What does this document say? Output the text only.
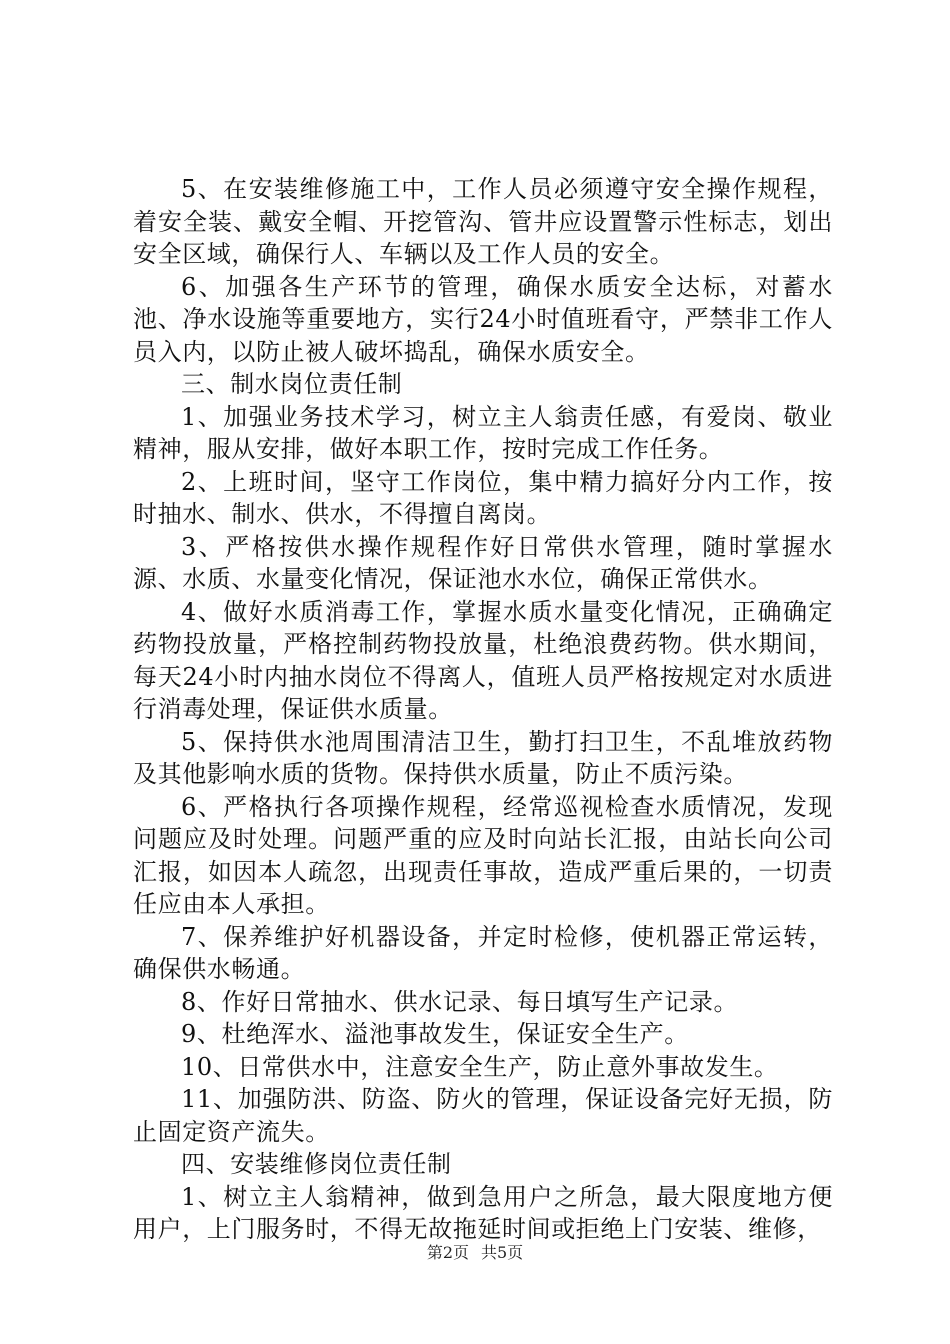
5、在安装维修施工中，工作人员必须遵守安全操作规程，着安全装、戴安全帽、开挖管沟、管井应设置警示性标志，划出安全区域，确保行人、车辆以及工作人员的安全。

6、加强各生产环节的管理，确保水质安全达标，对蓄水池、净水设施等重要地方，实行24小时值班看守，严禁非工作人员入内，以防止被人破坏捣乱，确保水质安全。

三、制水岗位责任制

1、加强业务技术学习，树立主人翁责任感，有爱岗、敬业精神，服从安排，做好本职工作，按时完成工作任务。

2、上班时间，坚守工作岗位，集中精力搞好分内工作，按时抽水、制水、供水，不得擅自离岗。

3、严格按供水操作规程作好日常供水管理，随时掌握水源、水质、水量变化情况，保证池水水位，确保正常供水。

4、做好水质消毒工作，掌握水质水量变化情况，正确确定药物投放量，严格控制药物投放量，杜绝浪费药物。供水期间，每天24小时内抽水岗位不得离人，值班人员严格按规定对水质进行消毒处理，保证供水质量。

5、保持供水池周围清洁卫生，勤打扫卫生，不乱堆放药物及其他影响水质的货物。保持供水质量，防止不质污染。

6、严格执行各项操作规程，经常巡视检查水质情况，发现问题应及时处理。问题严重的应及时向站长汇报，由站长向公司汇报，如因本人疏忽，出现责任事故，造成严重后果的，一切责任应由本人承担。

7、保养维护好机器设备，并定时检修，使机器正常运转，确保供水畅通。

8、作好日常抽水、供水记录、每日填写生产记录。

9、杜绝浑水、溢池事故发生，保证安全生产。

10、日常供水中，注意安全生产，防止意外事故发生。

11、加强防洪、防盗、防火的管理，保证设备完好无损，防止固定资产流失。

四、安装维修岗位责任制

1、树立主人翁精神，做到急用户之所急，最大限度地方便用户，上门服务时，不得无故拖延时间或拒绝上门安装、维修，

第2页 共5页
